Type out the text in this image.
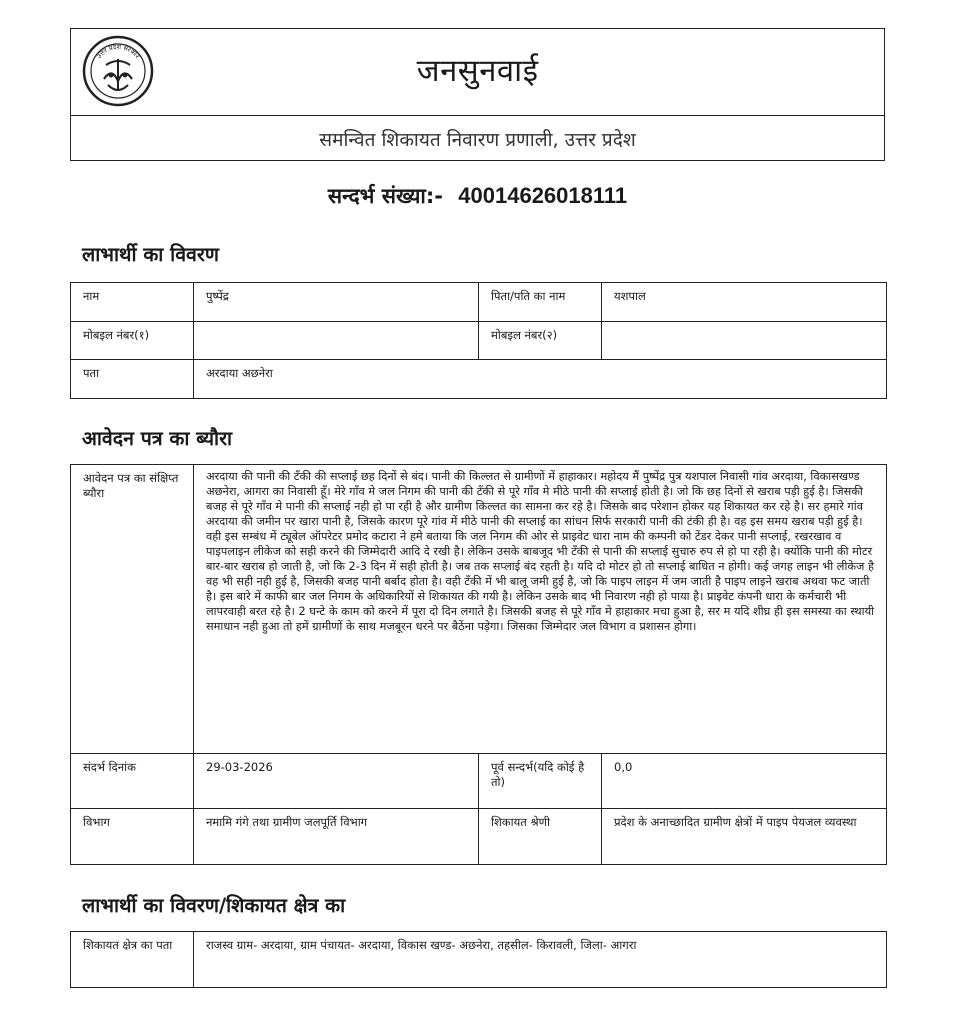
उत्तर प्रदेश सरकार	जनसुनवाई
समन्वित शिकायत निवारण प्रणाली, उत्तर प्रदेश
सन्दर्भ संख्या:- 40014626018111
लाभार्थी का विवरण
नाम	पुष्पेंद्र	पिता/पति का नाम	यशपाल
मोबइल नंबर(१)		मोबइल नंबर(२)	
पता	अरदाया अछनेरा		
आवेदन पत्र का ब्यौरा
आवेदन पत्र का संक्षिप्त ब्यौरा	अरदाया की पानी की टँकी की सप्लाई छह दिनों से बंद। पानी की किल्लत से ग्रामीणों में हाहाकार। महोदय मैं पुष्पेंद्र पुत्र यशपाल निवासी गांव अरदाया, विकासखण्ड अछनेरा, आगरा का निवासी हूँ। मेरे गाँव मे जल निगम की पानी की टँकी से पूरे गाँव मे मीठे पानी की सप्लाई होती है। जो कि छह दिनों से खराब पड़ी हुई है। जिसकी बजह से पूरे गाँव मे पानी की सप्लाई नही हो पा रही है और ग्रामीण किल्लत का सामना कर रहे है। जिसके बाद परेशान होकर यह शिकायत कर रहे है। सर हमारे गांव अरदाया की जमीन पर खारा पानी है, जिसके कारण पूरे गांव में मीठे पानी की सप्लाई का सांधन सिर्फ सरकारी पानी की टंकी ही है। वह इस समय खराब पड़ी हुई है। वही इस सम्बंध में ट्यूबेल ऑपरेटर प्रमोद कटारा ने हमे बताया कि जल निगम की ओर से प्राइवेट धारा नाम की कम्पनी को टेंडर देकर पानी सप्लाई, रखरखाव व पाइपलाइन लीकेज को सही करने की जिम्मेदारी आदि दे रखी है। लेकिन उसके बाबजूद भी टँकी से पानी की सप्लाई सुचारु रुप से हो पा रही है। क्योंकि पानी की मोटर बार-बार खराब हो जाती है, जो कि 2-3 दिन में सही होती है। जब तक सप्लाई बंद रहती है। यदि दो मोटर हो तो सप्लाई बाधित न होगी। कई जगह लाइन भी लीकेज है वह भी सही नही हुई है, जिसकी बजह पानी बर्बाद होता है। वही टँकी में भी बालू जमी हुई है, जो कि पाइप लाइन में जम जाती है पाइप लाइने खराब अथवा फट जाती है। इस बारे में काफी बार जल निगम के अधिकारियों से शिकायत की गयी है। लेकिन उसके बाद भी निवारण नही हो पाया है। प्राइवेट कंपनी धारा के कर्मचारी भी लापरवाही बरत रहे है। 2 घन्टे के काम को करने में पूरा दो दिन लगाते है। जिसकी बजह से पूरे गाँव मे हाहाकार मचा हुआ है, सर म यदि शीघ्र ही इस समस्या का स्थायी समाधान नही हुआ तो हमें ग्रामीणों के साथ मजबूरन धरने पर बैठेंना पड़ेगा। जिसका जिम्मेदार जल विभाग व प्रशासन होगा।		
संदर्भ दिनांक	29-03-2026	पूर्व सन्दर्भ(यदि कोई है तो)	0,0
विभाग	नमामि गंगे तथा ग्रामीण जलपूर्ति विभाग	शिकायत श्रेणी	प्रदेश के अनाच्छादित ग्रामीण क्षेत्रों में पाइप पेयजल व्यवस्था
लाभार्थी का विवरण/शिकायत क्षेत्र का
शिकायत क्षेत्र का पता	राजस्व ग्राम- अरदाया, ग्राम पंचायत- अरदाया, विकास खण्ड- अछनेरा, तहसील- किरावली, जिला- आगरा
